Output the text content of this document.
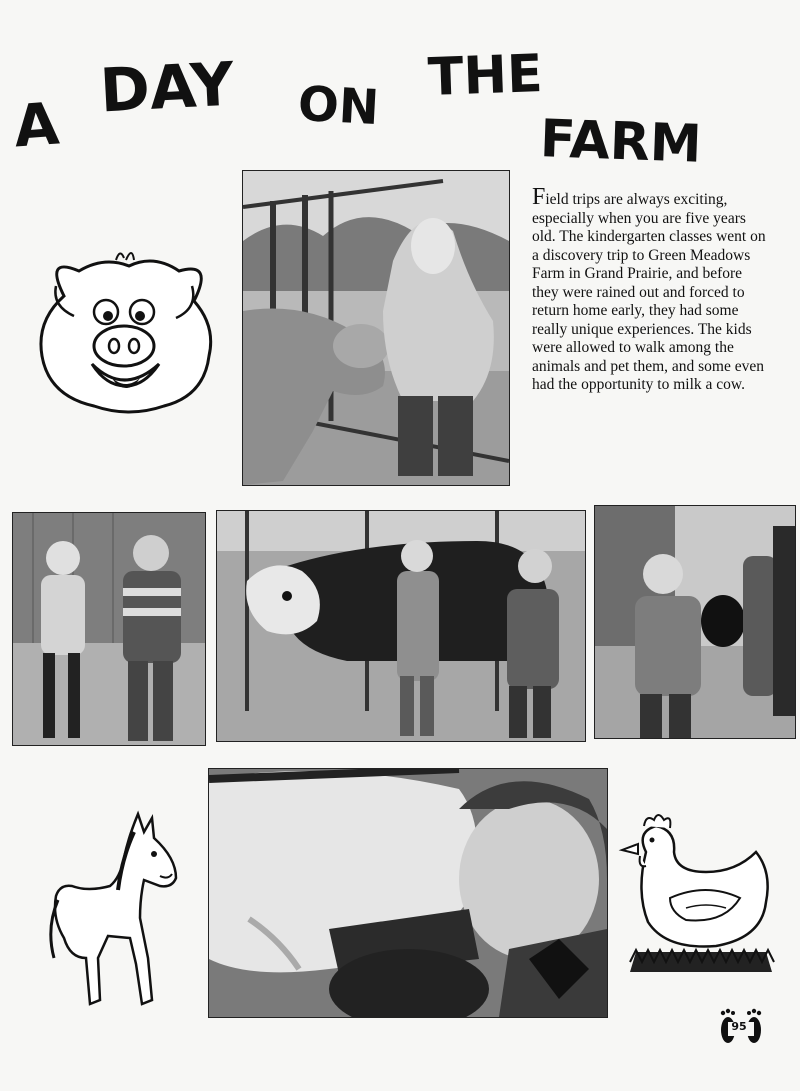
A DAY ON THE
FARM
Field trips are always exciting, especially when you are five years old. The kindergarten classes went on a discovery trip to Green Meadows Farm in Grand Prairie, and before they were rained out and forced to return home early, they had some really unique experiences. The kids were allowed to walk among the animals and pet them, and some even had the opportunity to milk a cow.
95
